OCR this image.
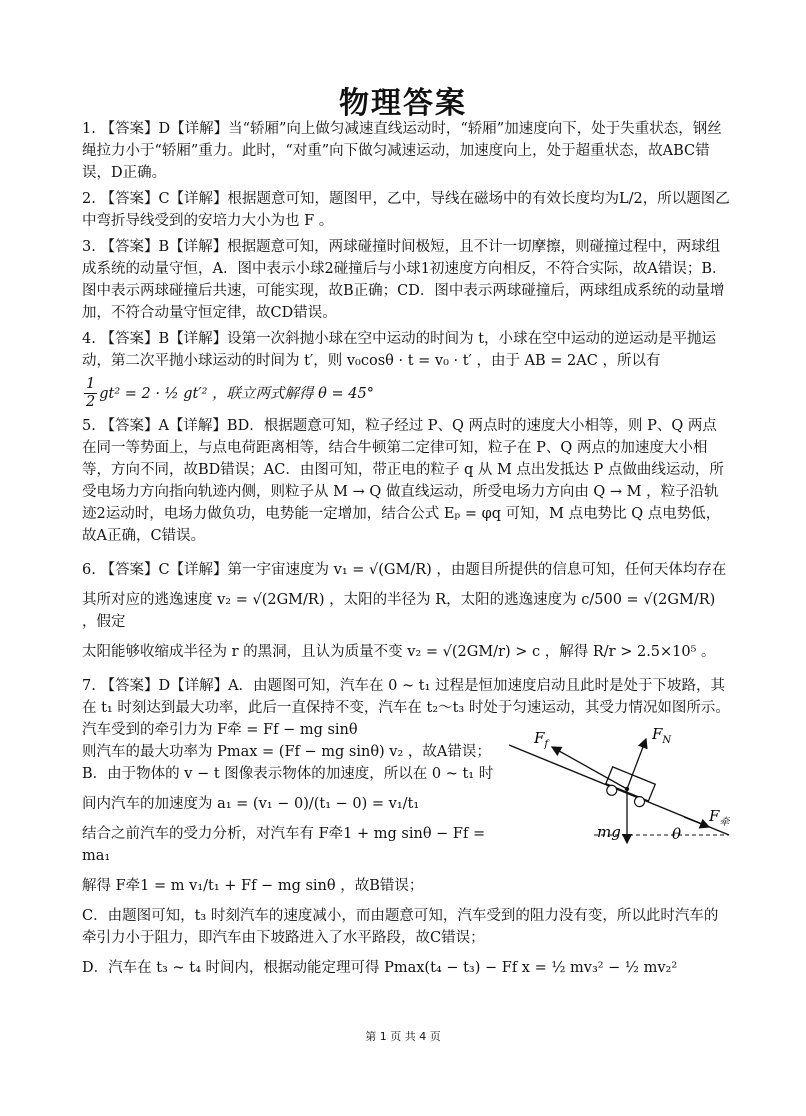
物理答案

1. 【答案】D【详解】当“轿厢”向上做匀减速直线运动时，“轿厢”加速度向下，处于失重状态，钢丝绳拉力小于“轿厢”重力。此时，“对重”向下做匀减速运动，加速度向上，处于超重状态，故ABC错误，D正确。

2. 【答案】C【详解】根据题意可知，题图甲，乙中，导线在磁场中的有效长度均为L/2，所以题图乙中弯折导线受到的安培力大小为也 F 。

3. 【答案】B【详解】根据题意可知，两球碰撞时间极短，且不计一切摩擦，则碰撞过程中，两球组成系统的动量守恒，A．图中表示小球2碰撞后与小球1初速度方向相反，不符合实际，故A错误；B．图中表示两球碰撞后共速，可能实现，故B正确；CD．图中表示两球碰撞后，两球组成系统的动量增加，不符合动量守恒定律，故CD错误。

4. 【答案】B【详解】设第一次斜抛小球在空中运动的时间为 t，小球在空中运动的逆运动是平抛运动，第二次平抛小球运动的时间为 t′，则 v₀cosθ · t = v₀ · t′ ，由于 AB = 2AC ，所以有

$\frac{1}{2} gt^2 = 2$ · ½ gt′² ，联立两式解得 θ = 45°

5. 【答案】A【详解】BD．根据题意可知，粒子经过 P、Q 两点时的速度大小相等，则 P、Q 两点在同一等势面上，与点电荷距离相等，结合牛顿第二定律可知，粒子在 P、Q 两点的加速度大小相等，方向不同，故BD错误；AC．由图可知，带正电的粒子 q 从 M 点出发抵达 P 点做曲线运动，所受电场力方向指向轨迹内侧，则粒子从 M → Q 做直线运动，所受电场力方向由 Q → M ，粒子沿轨迹2运动时，电场力做负功，电势能一定增加，结合公式 Eₚ = φq 可知，M 点电势比 Q 点电势低，故A正确，C错误。

6. 【答案】C【详解】第一宇宙速度为 v₁ = √(GM/R) ，由题目所提供的信息可知，任何天体均存在

其所对应的逃逸速度 v₂ = √(2GM/R) ，太阳的半径为 R，太阳的逃逸速度为 c/500 = √(2GM/R) ，假定

太阳能够收缩成半径为 r 的黑洞，且认为质量不变 v₂ = √(2GM/r) > c ，解得 R/r > 2.5×10⁵ 。

7. 【答案】D【详解】A．由题图可知，汽车在 0 ~ t₁ 过程是恒加速度启动且此时是处于下坡路，其在 t₁ 时刻达到最大功率，此后一直保持不变，汽车在 t₂～t₃ 时处于匀速运动，其受力情况如图所示。

汽车受到的牵引力为 F牵 = Ff − mg sinθ

则汽车的最大功率为 Pmax = (Ff − mg sinθ) v₂ ，故A错误；

B．由于物体的 v − t 图像表示物体的加速度，所以在 0 ~ t₁ 时

间内汽车的加速度为 a₁ = (v₁ − 0)/(t₁ − 0) = v₁/t₁

结合之前汽车的受力分析，对汽车有 F牵1 + mg sinθ − Ff = ma₁

解得 F牵1 = m v₁/t₁ + Ff − mg sinθ ，故B错误；

C．由题图可知，t₃ 时刻汽车的速度减小，而由题意可知，汽车受到的阻力没有变，所以此时汽车的牵引力小于阻力，即汽车由下坡路进入了水平路段，故C错误；

D．汽车在 t₃ ~ t₄ 时间内，根据动能定理可得 Pmax(t₄ − t₃) − Ff x = ½ mv₃² − ½ mv₂²

$F_f$
$F_N$
mg	θ
$F_牵$
第 1 页 共 4 页
